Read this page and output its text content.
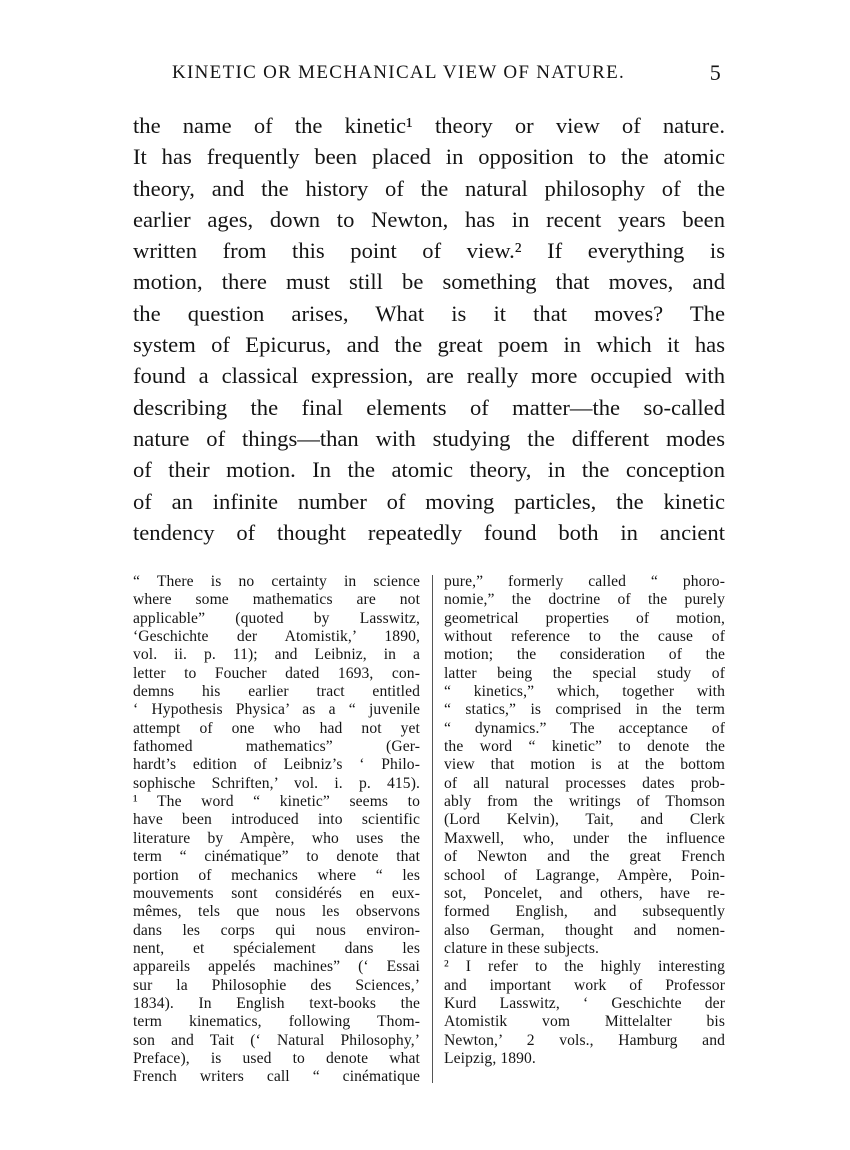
KINETIC OR MECHANICAL VIEW OF NATURE.	5
the name of the kinetic¹ theory or view of nature.
It has frequently been placed in opposition to the atomic
theory, and the history of the natural philosophy of the
earlier ages, down to Newton, has in recent years been
written from this point of view.² If everything is
motion, there must still be something that moves, and
the question arises, What is it that moves? The
system of Epicurus, and the great poem in which it has
found a classical expression, are really more occupied with
describing the final elements of matter—the so-called
nature of things—than with studying the different modes
of their motion. In the atomic theory, in the conception
of an infinite number of moving particles, the kinetic
tendency of thought repeatedly found both in ancient
“ There is no certainty in science
where some mathematics are not
applicable” (quoted by Lasswitz,
‘Geschichte der Atomistik,’ 1890,
vol. ii. p. 11); and Leibniz, in a
letter to Foucher dated 1693, con-
demns his earlier tract entitled
‘ Hypothesis Physica’ as a “ juvenile
attempt of one who had not yet
fathomed mathematics” (Ger-
hardt’s edition of Leibniz’s ‘ Philo-
sophische Schriften,’ vol. i. p. 415).
¹ The word “ kinetic” seems to
have been introduced into scientific
literature by Ampère, who uses the
term “ cinématique” to denote that
portion of mechanics where “ les
mouvements sont considérés en eux-
mêmes, tels que nous les observons
dans les corps qui nous environ-
nent, et spécialement dans les
appareils appelés machines” (‘ Essai
sur la Philosophie des Sciences,’
1834). In English text-books the
term kinematics, following Thom-
son and Tait (‘ Natural Philosophy,’
Preface), is used to denote what
French writers call “ cinématique
pure,” formerly called “ phoro-
nomie,” the doctrine of the purely
geometrical properties of motion,
without reference to the cause of
motion; the consideration of the
latter being the special study of
“ kinetics,” which, together with
“ statics,” is comprised in the term
“ dynamics.” The acceptance of
the word “ kinetic” to denote the
view that motion is at the bottom
of all natural processes dates prob-
ably from the writings of Thomson
(Lord Kelvin), Tait, and Clerk
Maxwell, who, under the influence
of Newton and the great French
school of Lagrange, Ampère, Poin-
sot, Poncelet, and others, have re-
formed English, and subsequently
also German, thought and nomen-
clature in these subjects.
² I refer to the highly interesting
and important work of Professor
Kurd Lasswitz, ‘ Geschichte der
Atomistik vom Mittelalter bis
Newton,’ 2 vols., Hamburg and
Leipzig, 1890.
